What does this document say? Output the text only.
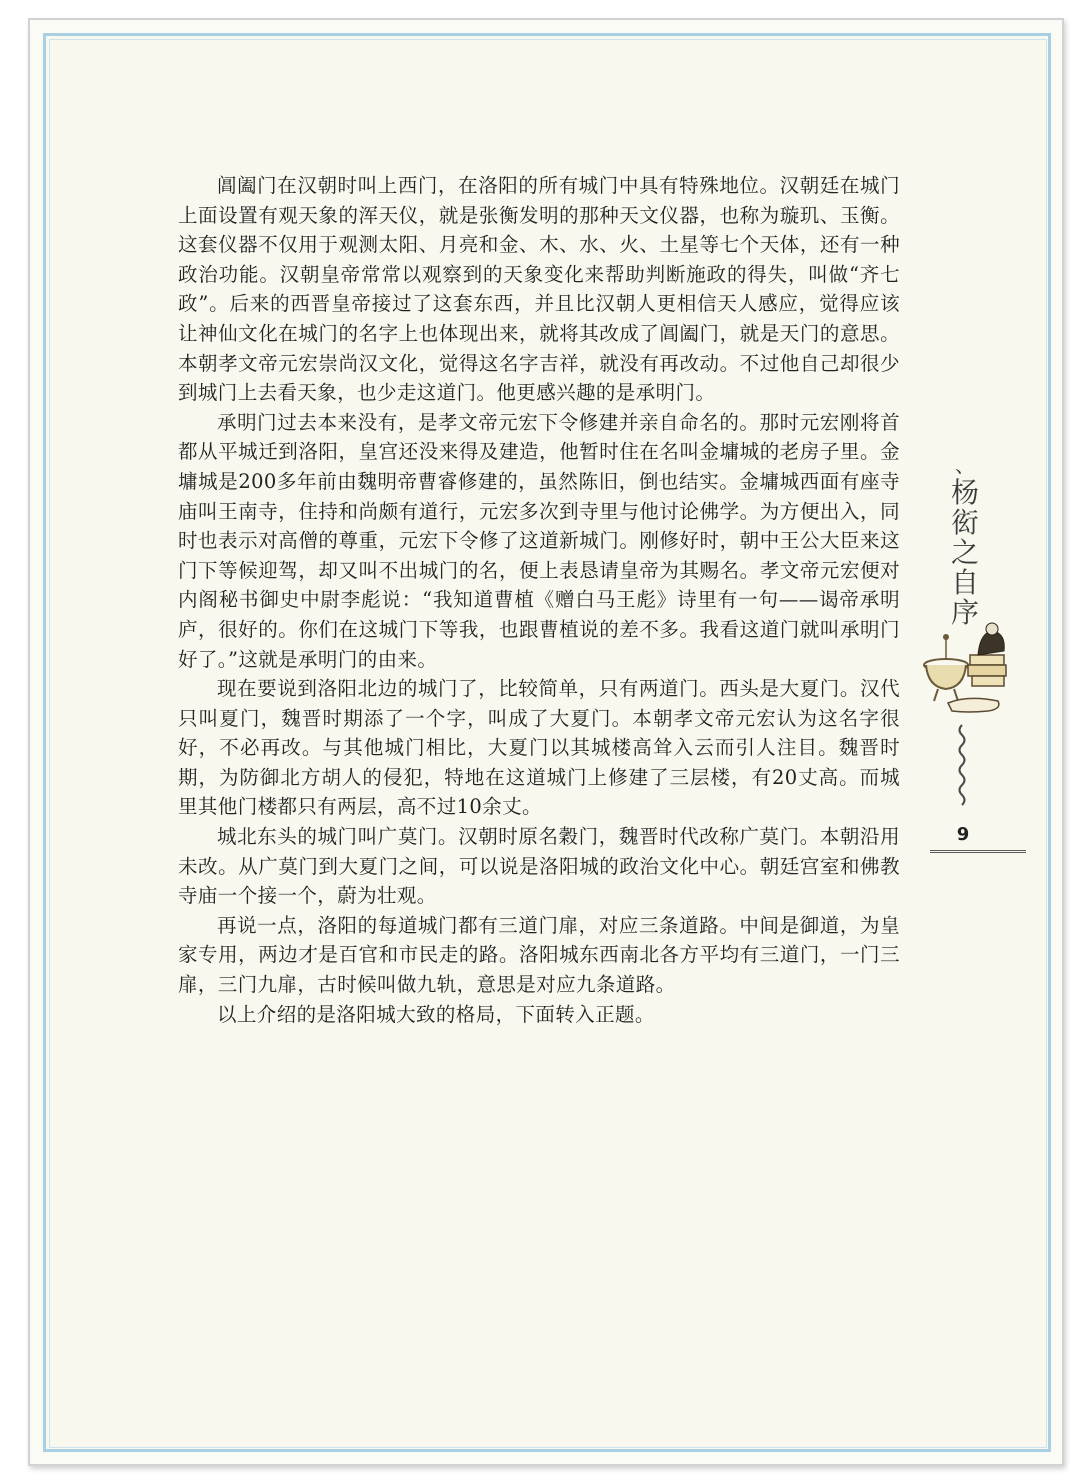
阊阖门在汉朝时叫上西门，在洛阳的所有城门中具有特殊地位。汉朝廷在城门上面设置有观天象的浑天仪，就是张衡发明的那种天文仪器，也称为璇玑、玉衡。这套仪器不仅用于观测太阳、月亮和金、木、水、火、土星等七个天体，还有一种政治功能。汉朝皇帝常常以观察到的天象变化来帮助判断施政的得失，叫做“齐七政”。后来的西晋皇帝接过了这套东西，并且比汉朝人更相信天人感应，觉得应该让神仙文化在城门的名字上也体现出来，就将其改成了阊阖门，就是天门的意思。本朝孝文帝元宏崇尚汉文化，觉得这名字吉祥，就没有再改动。不过他自己却很少到城门上去看天象，也少走这道门。他更感兴趣的是承明门。

承明门过去本来没有，是孝文帝元宏下令修建并亲自命名的。那时元宏刚将首都从平城迁到洛阳，皇宫还没来得及建造，他暂时住在名叫金墉城的老房子里。金墉城是200多年前由魏明帝曹睿修建的，虽然陈旧，倒也结实。金墉城西面有座寺庙叫王南寺，住持和尚颇有道行，元宏多次到寺里与他讨论佛学。为方便出入，同时也表示对高僧的尊重，元宏下令修了这道新城门。刚修好时，朝中王公大臣来这门下等候迎驾，却又叫不出城门的名，便上表恳请皇帝为其赐名。孝文帝元宏便对内阁秘书御史中尉李彪说：“我知道曹植《赠白马王彪》诗里有一句——谒帝承明庐，很好的。你们在这城门下等我，也跟曹植说的差不多。我看这道门就叫承明门好了。”这就是承明门的由来。

现在要说到洛阳北边的城门了，比较简单，只有两道门。西头是大夏门。汉代只叫夏门，魏晋时期添了一个字，叫成了大夏门。本朝孝文帝元宏认为这名字很好，不必再改。与其他城门相比，大夏门以其城楼高耸入云而引人注目。魏晋时期，为防御北方胡人的侵犯，特地在这道城门上修建了三层楼，有20丈高。而城里其他门楼都只有两层，高不过10余丈。

城北东头的城门叫广莫门。汉朝时原名穀门，魏晋时代改称广莫门。本朝沿用未改。从广莫门到大夏门之间，可以说是洛阳城的政治文化中心。朝廷宫室和佛教寺庙一个接一个，蔚为壮观。

再说一点，洛阳的每道城门都有三道门扉，对应三条道路。中间是御道，为皇家专用，两边才是百官和市民走的路。洛阳城东西南北各方平均有三道门，一门三扉，三门九扉，古时候叫做九轨，意思是对应九条道路。

以上介绍的是洛阳城大致的格局，下面转入正题。

、
杨
衒
之
自
序
9
